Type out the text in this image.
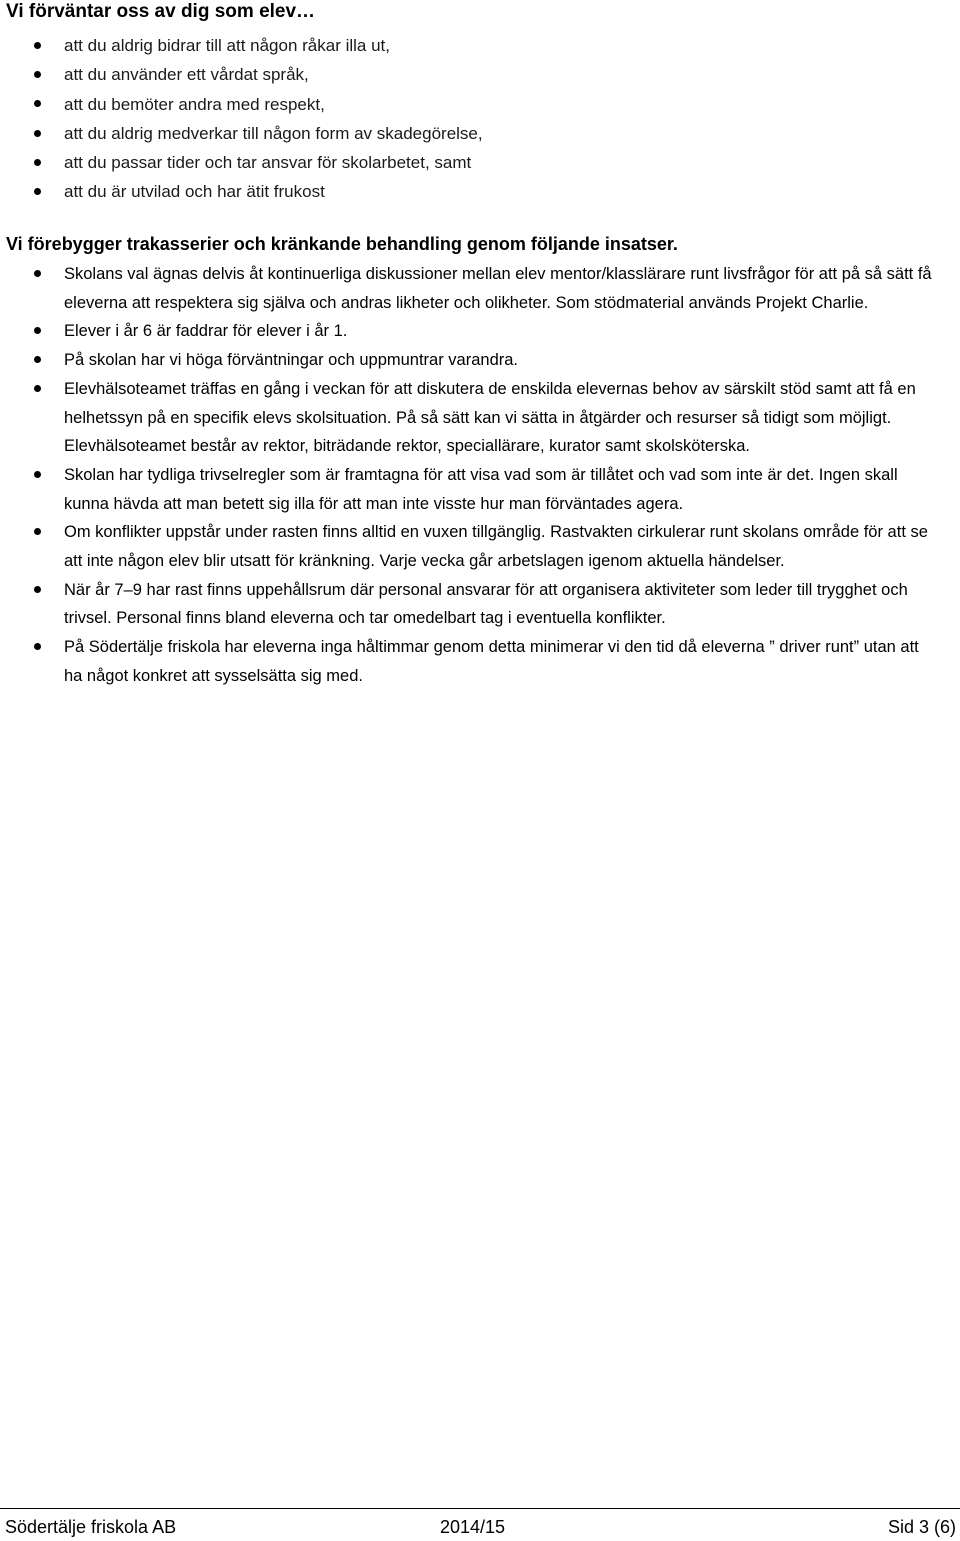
Vi förväntar oss av dig som elev…
att du aldrig bidrar till att någon råkar illa ut,
att du använder ett vårdat språk,
att du bemöter andra med respekt,
att du aldrig medverkar till någon form av skadegörelse,
att du passar tider och tar ansvar för skolarbetet, samt
att du är utvilad och har ätit frukost
Vi förebygger trakasserier och kränkande behandling genom följande insatser.
Skolans val ägnas delvis åt kontinuerliga diskussioner mellan elev mentor/klasslärare runt livsfrågor för att på så sätt få eleverna att respektera sig själva och andras likheter och olikheter. Som stödmaterial används Projekt Charlie.
Elever i år 6 är faddrar för elever i år 1.
På skolan har vi höga förväntningar och uppmuntrar varandra.
Elevhälsoteamet träffas en gång i veckan för att diskutera de enskilda elevernas behov av särskilt stöd samt att få en helhetssyn på en specifik elevs skolsituation. På så sätt kan vi sätta in åtgärder och resurser så tidigt som möjligt. Elevhälsoteamet består av rektor, biträdande rektor, speciallärare, kurator samt skolsköterska.
Skolan har tydliga trivselregler som är framtagna för att visa vad som är tillåtet och vad som inte är det. Ingen skall kunna hävda att man betett sig illa för att man inte visste hur man förväntades agera.
Om konflikter uppstår under rasten finns alltid en vuxen tillgänglig. Rastvakten cirkulerar runt skolans område för att se att inte någon elev blir utsatt för kränkning. Varje vecka går arbetslagen igenom aktuella händelser.
När år 7–9 har rast finns uppehållsrum där personal ansvarar för att organisera aktiviteter som leder till trygghet och trivsel. Personal finns bland eleverna och tar omedelbart tag i eventuella konflikter.
På Södertälje friskola har eleverna inga håltimmar genom detta minimerar vi den tid då eleverna ” driver runt” utan att ha något konkret att sysselsätta sig med.
Södertälje friskola AB	2014/15	Sid 3 (6)
